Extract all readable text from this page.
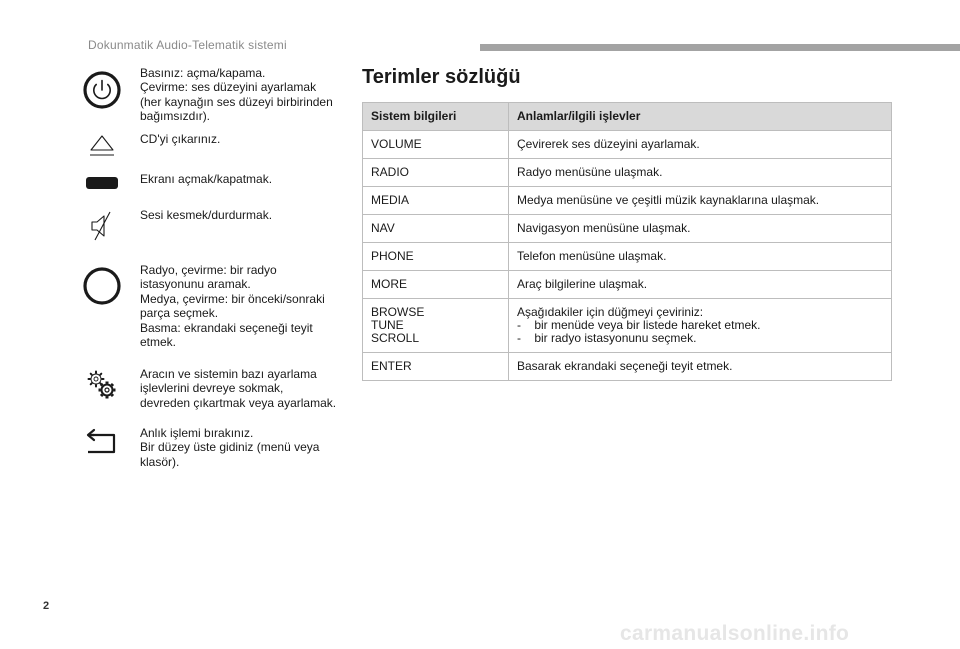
Dokunmatik Audio-Telematik sistemi
Basınız: açma/kapama.
Çevirme: ses düzeyini ayarlamak
(her kaynağın ses düzeyi birbirinden
bağımsızdır).
CD'yi çıkarınız.
Ekranı açmak/kapatmak.
Sesi kesmek/durdurmak.
Radyo, çevirme: bir radyo
istasyonunu aramak.
Medya, çevirme: bir önceki/sonraki
parça seçmek.
Basma: ekrandaki seçeneği teyit
etmek.
Aracın ve sistemin bazı ayarlama
işlevlerini devreye sokmak,
devreden çıkartmak veya ayarlamak.
Anlık işlemi bırakınız.
Bir düzey üste gidiniz (menü veya
klasör).
Terimler sözlüğü
Sistem bilgileri	Anlamlar/ilgili işlevler

VOLUME	Çevirerek ses düzeyini ayarlamak.

RADIO	Radyo menüsüne ulaşmak.

MEDIA	Medya menüsüne ve çeşitli müzik kaynaklarına ulaşmak.

NAV	Navigasyon menüsüne ulaşmak.

PHONE	Telefon menüsüne ulaşmak.

MORE	Araç bilgilerine ulaşmak.

BROWSE
TUNE
SCROLL	Aşağıdakiler için düğmeyi çeviriniz:
-    bir menüde veya bir listede hareket etmek.
-    bir radyo istasyonunu seçmek.

ENTER	Basarak ekrandaki seçeneği teyit etmek.
2
carmanualsonline.info
